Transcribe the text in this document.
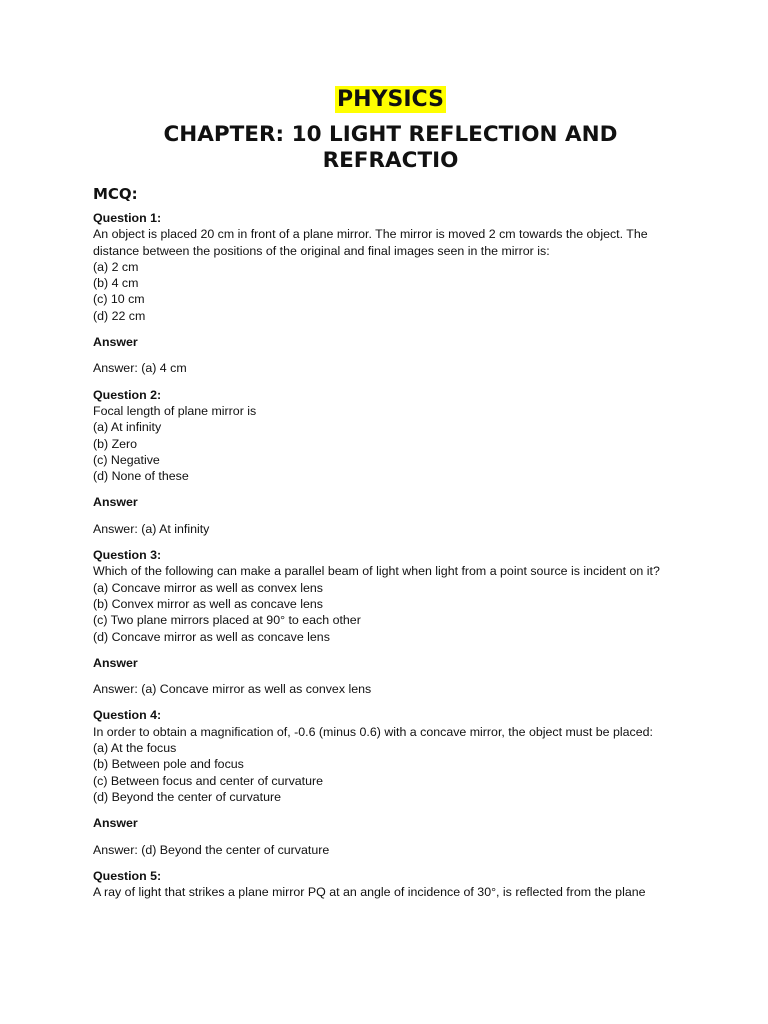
PHYSICS
CHAPTER: 10 LIGHT REFLECTION AND REFRACTIO
MCQ:
Question 1:
An object is placed 20 cm in front of a plane mirror. The mirror is moved 2 cm towards the object. The distance between the positions of the original and final images seen in the mirror is:
(a) 2 cm
(b) 4 cm
(c) 10 cm
(d) 22 cm
Answer
Answer: (a) 4 cm
Question 2:
Focal length of plane mirror is
(a) At infinity
(b) Zero
(c) Negative
(d) None of these
Answer
Answer: (a) At infinity
Question 3:
Which of the following can make a parallel beam of light when light from a point source is incident on it?
(a) Concave mirror as well as convex lens
(b) Convex mirror as well as concave lens
(c) Two plane mirrors placed at 90° to each other
(d) Concave mirror as well as concave lens
Answer
Answer: (a) Concave mirror as well as convex lens
Question 4:
In order to obtain a magnification of, -0.6 (minus 0.6) with a concave mirror, the object must be placed:
(a) At the focus
(b) Between pole and focus
(c) Between focus and center of curvature
(d) Beyond the center of curvature
Answer
Answer: (d) Beyond the center of curvature
Question 5:
A ray of light that strikes a plane mirror PQ at an angle of incidence of 30°, is reflected from the plane
